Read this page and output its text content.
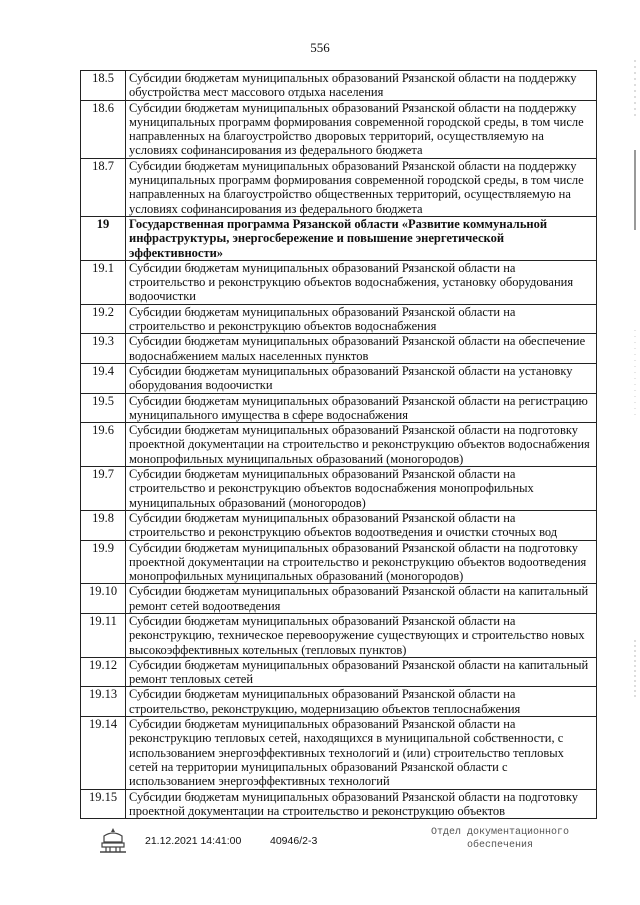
556
18.5	Субсидии бюджетам муниципальных образований Рязанской области на поддержку обустройства мест массового отдыха населения
18.6	Субсидии бюджетам муниципальных образований Рязанской области на поддержку муниципальных программ формирования современной городской среды, в том числе направленных на благоустройство дворовых территорий, осуществляемую на условиях софинансирования из федерального бюджета
18.7	Субсидии бюджетам муниципальных образований Рязанской области на поддержку муниципальных программ формирования современной городской среды, в том числе направленных на благоустройство общественных территорий, осуществляемую на условиях софинансирования из федерального бюджета
19	Государственная программа Рязанской области «Развитие коммунальной инфраструктуры, энергосбережение и повышение энергетической эффективности»
19.1	Субсидии бюджетам муниципальных образований Рязанской области на строительство и реконструкцию объектов водоснабжения, установку оборудования водоочистки
19.2	Субсидии бюджетам муниципальных образований Рязанской области на строительство и реконструкцию объектов водоснабжения
19.3	Субсидии бюджетам муниципальных образований Рязанской области на обеспечение водоснабжением малых населенных пунктов
19.4	Субсидии бюджетам муниципальных образований Рязанской области на установку оборудования водоочистки
19.5	Субсидии бюджетам муниципальных образований Рязанской области на регистрацию муниципального имущества в сфере водоснабжения
19.6	Субсидии бюджетам муниципальных образований Рязанской области на подготовку проектной документации на строительство и реконструкцию объектов водоснабжения монопрофильных муниципальных образований (моногородов)
19.7	Субсидии бюджетам муниципальных образований Рязанской области на строительство и реконструкцию объектов водоснабжения монопрофильных муниципальных образований (моногородов)
19.8	Субсидии бюджетам муниципальных образований Рязанской области на строительство и реконструкцию объектов водоотведения и очистки сточных вод
19.9	Субсидии бюджетам муниципальных образований Рязанской области на подготовку проектной документации на строительство и реконструкцию объектов водоотведения монопрофильных муниципальных образований (моногородов)
19.10	Субсидии бюджетам муниципальных образований Рязанской области на капитальный ремонт сетей водоотведения
19.11	Субсидии бюджетам муниципальных образований Рязанской области на реконструкцию, техническое перевооружение существующих и строительство новых высокоэффективных котельных (тепловых пунктов)
19.12	Субсидии бюджетам муниципальных образований Рязанской области на капитальный ремонт тепловых сетей
19.13	Субсидии бюджетам муниципальных образований Рязанской области на строительство, реконструкцию, модернизацию объектов теплоснабжения
19.14	Субсидии бюджетам муниципальных образований Рязанской области на реконструкцию тепловых сетей, находящихся в муниципальной собственности, с использованием энергоэффективных технологий и (или) строительство тепловых сетей на территории муниципальных образований Рязанской области с использованием энергоэффективных технологий
19.15	Субсидии бюджетам муниципальных образований Рязанской области на подготовку проектной документации на строительство и реконструкцию объектов
21.12.2021 14:41:00	40946/2-3
Отдел документационного
обеспечения
